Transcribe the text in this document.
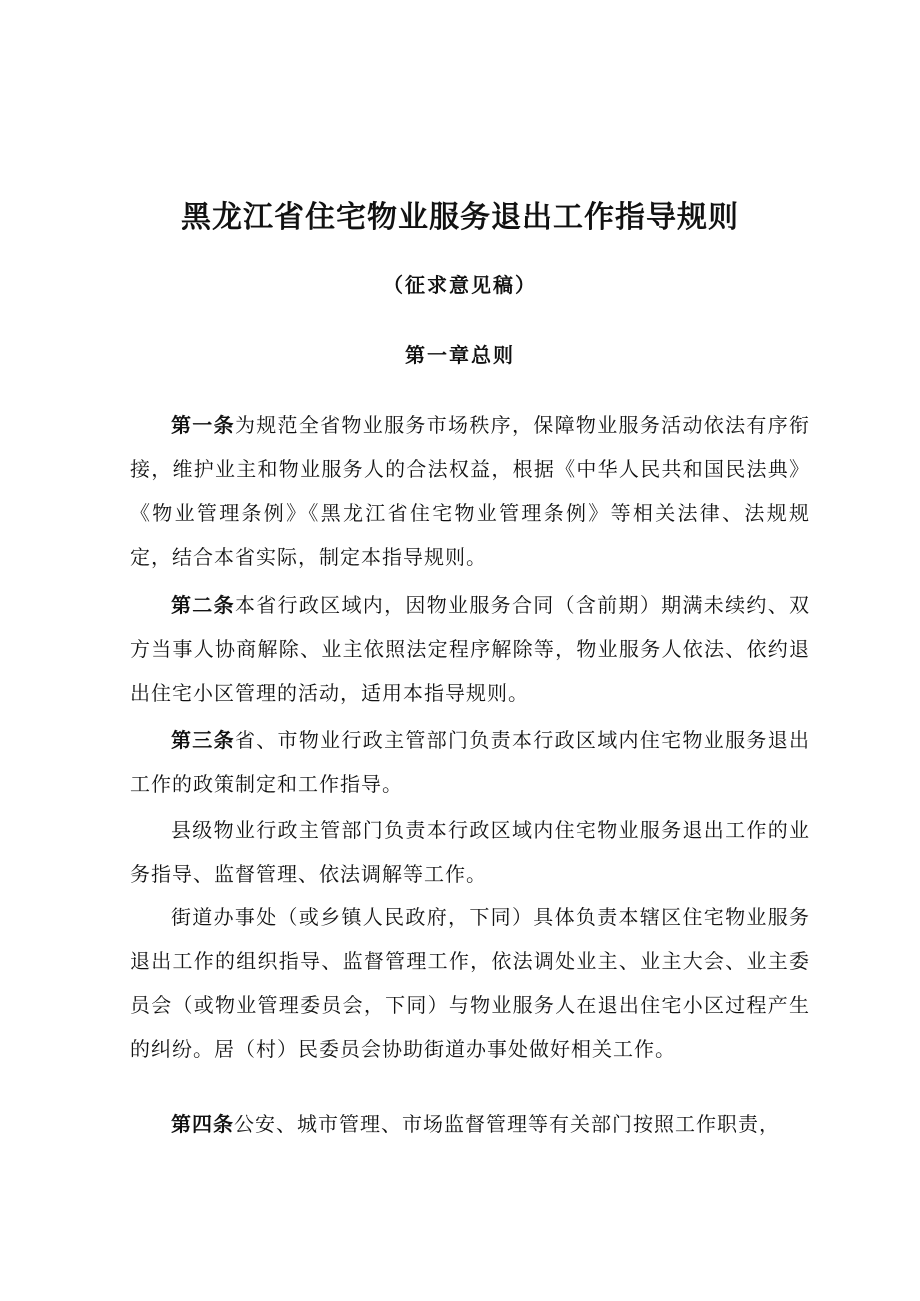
黑龙江省住宅物业服务退出工作指导规则
（征求意见稿）
第一章总则

第一条为规范全省物业服务市场秩序，保障物业服务活动依法有序衔接，维护业主和物业服务人的合法权益，根据《中华人民共和国民法典》《物业管理条例》《黑龙江省住宅物业管理条例》等相关法律、法规规定，结合本省实际，制定本指导规则。

第二条本省行政区域内，因物业服务合同（含前期）期满未续约、双方当事人协商解除、业主依照法定程序解除等，物业服务人依法、依约退出住宅小区管理的活动，适用本指导规则。

第三条省、市物业行政主管部门负责本行政区域内住宅物业服务退出工作的政策制定和工作指导。

县级物业行政主管部门负责本行政区域内住宅物业服务退出工作的业务指导、监督管理、依法调解等工作。

街道办事处（或乡镇人民政府，下同）具体负责本辖区住宅物业服务退出工作的组织指导、监督管理工作，依法调处业主、业主大会、业主委员会（或物业管理委员会，下同）与物业服务人在退出住宅小区过程产生的纠纷。居（村）民委员会协助街道办事处做好相关工作。

第四条公安、城市管理、市场监督管理等有关部门按照工作职责，
